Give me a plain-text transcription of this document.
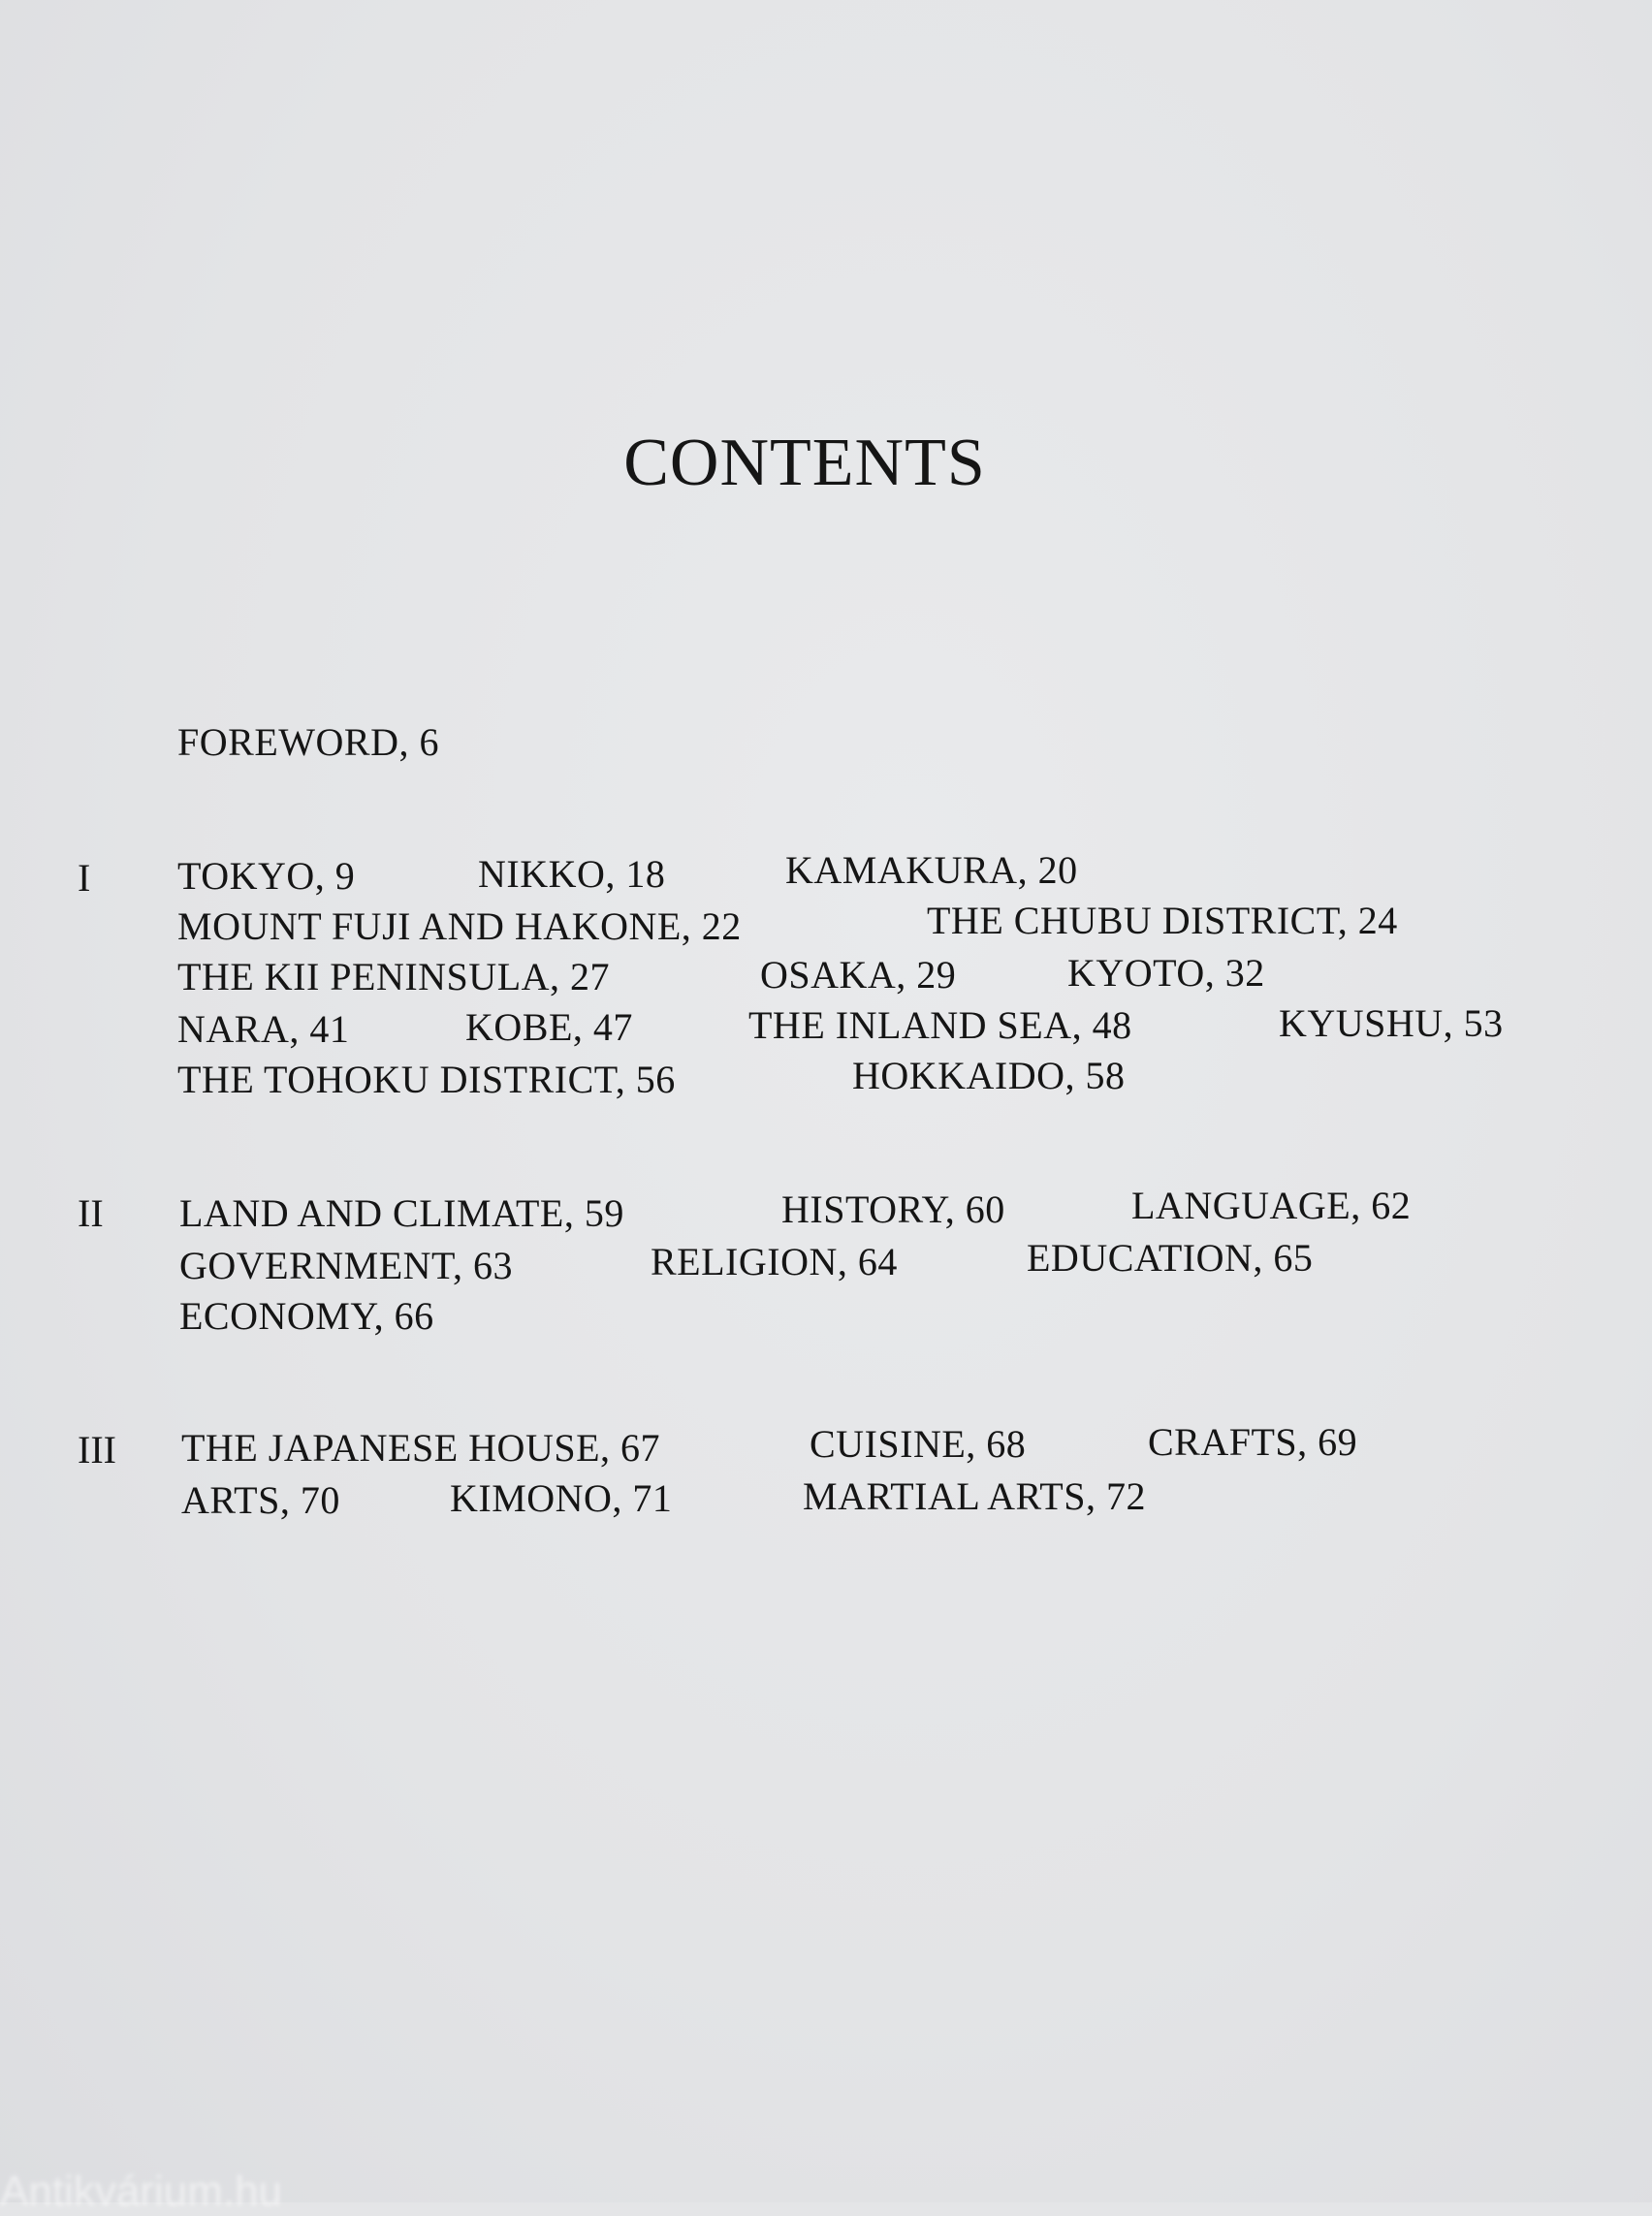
CONTENTS
FOREWORD, 6
I TOKYO, 9	NIKKO, 18	KAMAKURA, 20
MOUNT FUJI AND HAKONE, 22	THE CHUBU DISTRICT, 24
THE KII PENINSULA, 27	OSAKA, 29	KYOTO, 32
NARA, 41	KOBE, 47	THE INLAND SEA, 48	KYUSHU, 53
THE TOHOKU DISTRICT, 56	HOKKAIDO, 58
II LAND AND CLIMATE, 59	HISTORY, 60	LANGUAGE, 62
GOVERNMENT, 63	RELIGION, 64	EDUCATION, 65
ECONOMY, 66
III THE JAPANESE HOUSE, 67	CUISINE, 68	CRAFTS, 69
ARTS, 70	KIMONO, 71	MARTIAL ARTS, 72
Antikvárium.hu
